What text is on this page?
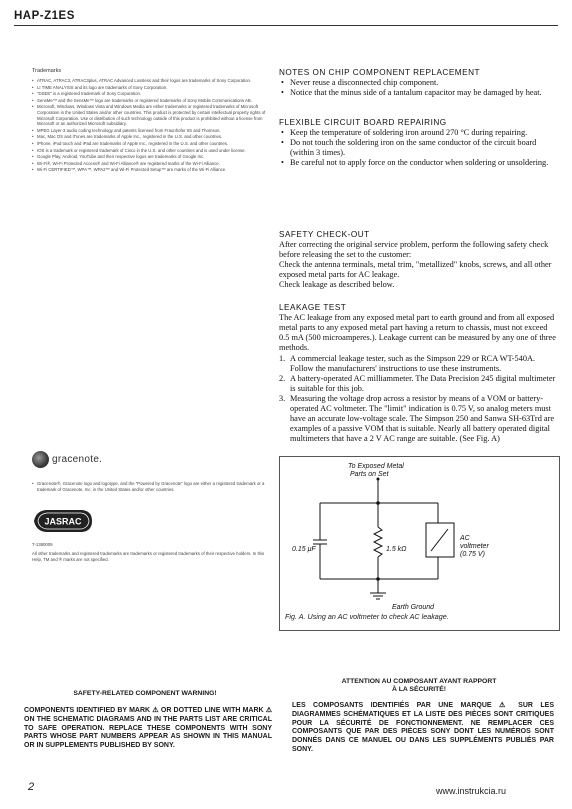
HAP-Z1ES
Trademarks
• ATRAC, ATRAC3, ATRAC3plus, ATRAC Advanced Lossless and their logos are trademarks of Sony Corporation.
• LI TIME ANALYSIS and its logo are trademarks of Sony Corporation.
• "DSEE" is a registered trademark of Sony Corporation.
• SensMe™ and the SensMe™ logo are trademarks or registered trademarks of Sony Mobile Communications AB.
• Microsoft, Windows, Windows Vista and Windows Media are either trademarks or registered trademarks of Microsoft Corporation in the United States and/or other countries. This product is protected by certain intellectual property rights of Microsoft Corporation. Use or distribution of such technology outside of this product is prohibited without a license from Microsoft or an authorized Microsoft subsidiary.
• MPEG Layer-3 audio coding technology and patents licensed from Fraunhofer IIS and Thomson.
• Mac, Mac OS and iTunes are trademarks of Apple Inc., registered in the U.S. and other countries.
• iPhone, iPod touch and iPad are trademarks of Apple Inc., registered in the U.S. and other countries.
• IOS is a trademark or registered trademark of Cisco in the U.S. and other countries and is used under license.
• Google Play, Android, YouTube and their respective logos are trademarks of Google Inc.
• Wi-Fi®, Wi-Fi Protected Access® and Wi-Fi Alliance® are registered marks of the Wi-Fi Alliance.
• Wi-Fi CERTIFIED™, WPA™, WPA2™ and Wi-Fi Protected Setup™ are marks of the Wi-Fi Alliance.
gracenote.
• Gracenote®, Gracenote logo and logotype, and the "Powered by Gracenote" logo are either a registered trademark or a trademark of Gracenote, Inc. in the United States and/or other countries.
JASRAC
T-1380009
All other trademarks and registered trademarks are trademarks or registered trademarks of their respective holders. In this Help, TM and ® marks are not specified.
NOTES ON CHIP COMPONENT REPLACEMENT
• Never reuse a disconnected chip component.
• Notice that the minus side of a tantalum capacitor may be damaged by heat.
FLEXIBLE CIRCUIT BOARD REPAIRING
• Keep the temperature of soldering iron around 270 °C during repairing.
• Do not touch the soldering iron on the same conductor of the circuit board (within 3 times).
• Be careful not to apply force on the conductor when soldering or unsoldering.
SAFETY CHECK-OUT
After correcting the original service problem, perform the following safety check before releasing the set to the customer:
Check the antenna terminals, metal trim, "metallized" knobs, screws, and all other exposed metal parts for AC leakage.
Check leakage as described below.
LEAKAGE TEST
The AC leakage from any exposed metal part to earth ground and from all exposed metal parts to any exposed metal part having a return to chassis, must not exceed 0.5 mA (500 microamperes.). Leakage current can be measured by any one of three methods.
1. A commercial leakage tester, such as the Simpson 229 or RCA WT-540A. Follow the manufacturers' instructions to use these instruments.
2. A battery-operated AC milliammeter. The Data Precision 245 digital multimeter is suitable for this job.
3. Measuring the voltage drop across a resistor by means of a VOM or battery-operated AC voltmeter. The "limit" indication is 0.75 V, so analog meters must have an accurate low-voltage scale. The Simpson 250 and Sanwa SH-63Trd are examples of a passive VOM that is suitable. Nearly all battery operated digital multimeters that have a 2 V AC range are suitable. (See Fig. A)
To Exposed Metal
Parts on Set
0.15 μF	1.5 kΩ
AC
voltmeter
(0.75 V)
Earth Ground
Fig. A. Using an AC voltmeter to check AC leakage.
SAFETY-RELATED COMPONENT WARNING!
COMPONENTS IDENTIFIED BY MARK ⚠ OR DOTTED LINE WITH MARK ⚠ ON THE SCHEMATIC DIAGRAMS AND IN THE PARTS LIST ARE CRITICAL TO SAFE OPERATION. REPLACE THESE COMPONENTS WITH SONY PARTS WHOSE PART NUMBERS APPEAR AS SHOWN IN THIS MANUAL OR IN SUPPLEMENTS PUBLISHED BY SONY.
ATTENTION AU COMPOSANT AYANT RAPPORT
À LA SÉCURITÉ!
LES COMPOSANTS IDENTIFIÉS PAR UNE MARQUE ⚠ SUR LES DIAGRAMMES SCHÉMATIQUES ET LA LISTE DES PIÈCES SONT CRITIQUES POUR LA SÉCURITÉ DE FONCTIONNEMENT. NE REMPLACER CES COMPOSANTS QUE PAR DES PIÈCES SONY DONT LES NUMÉROS SONT DONNÉS DANS CE MANUEL OU DANS LES SUPPLÉMENTS PUBLIÉS PAR SONY.
2	www.instrukcia.ru
